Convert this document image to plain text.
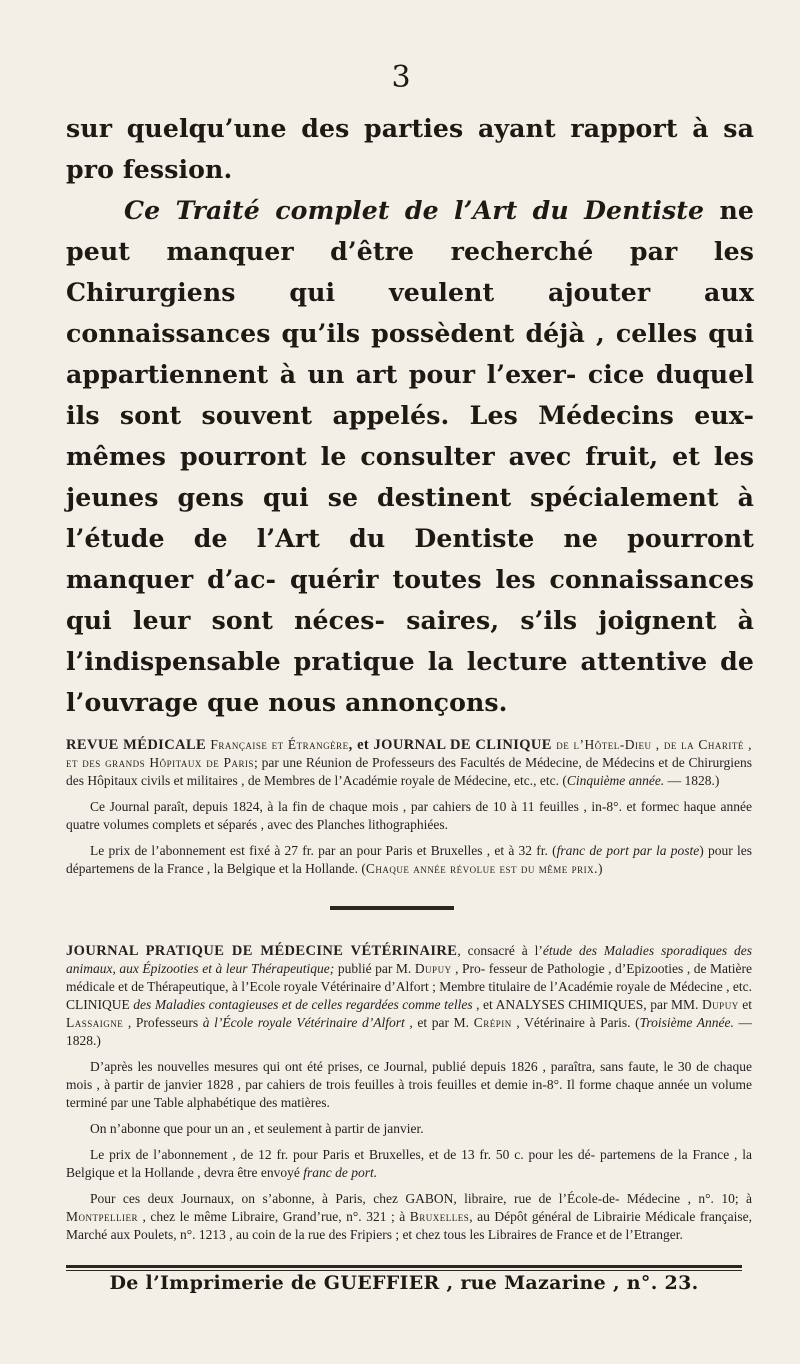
3

sur quelqu’une des parties ayant rapport à sa pro fession.

Ce Traité complet de l’Art du Dentiste ne peut manquer d’être recherché par les Chirurgiens qui veulent ajouter aux connaissances qu’ils possèdent déjà , celles qui appartiennent à un art pour l’exer- cice duquel ils sont souvent appelés. Les Médecins eux-mêmes pourront le consulter avec fruit, et les jeunes gens qui se destinent spécialement à l’étude de l’Art du Dentiste ne pourront manquer d’ac- quérir toutes les connaissances qui leur sont néces- saires, s’ils joignent à l’indispensable pratique la lecture attentive de l’ouvrage que nous annonçons.

REVUE MÉDICALE Française et Étrangère, et JOURNAL DE CLINIQUE de l’Hôtel-Dieu , de la Charité , et des grands Hôpitaux de Paris; par une Réunion de Professeurs des Facultés de Médecine, de Médecins et de Chirurgiens des Hôpitaux civils et militaires , de Membres de l’Académie royale de Médecine, etc., etc. (Cinquième année. — 1828.)

Ce Journal paraît, depuis 1824, à la fin de chaque mois , par cahiers de 10 à 11 feuilles , in-8°. et formec haque année quatre volumes complets et séparés , avec des Planches lithographiées.

Le prix de l’abonnement est fixé à 27 fr. par an pour Paris et Bruxelles , et à 32 fr. (franc de port par la poste) pour les départemens de la France , la Belgique et la Hollande. (Chaque année révolue est du même prix.)

JOURNAL PRATIQUE DE MÉDECINE VÉTÉRINAIRE, consacré à l’étude des Maladies sporadiques des animaux, aux Épizooties et à leur Thérapeutique; publié par M. Dupuy , Pro- fesseur de Pathologie , d’Epizooties , de Matière médicale et de Thérapeutique, à l’Ecole royale Vétérinaire d’Alfort ; Membre titulaire de l’Académie royale de Médecine , etc. CLINIQUE des Maladies contagieuses et de celles regardées comme telles , et ANALYSES CHIMIQUES, par MM. Dupuy et Lassaigne , Professeurs à l’École royale Vétérinaire d’Alfort , et par M. Crépin , Vétérinaire à Paris. (Troisième Année. — 1828.)

D’après les nouvelles mesures qui ont été prises, ce Journal, publié depuis 1826 , paraîtra, sans faute, le 30 de chaque mois , à partir de janvier 1828 , par cahiers de trois feuilles à trois feuilles et demie in-8°. Il forme chaque année un volume terminé par une Table alphabétique des matières.

On n’abonne que pour un an , et seulement à partir de janvier.

Le prix de l’abonnement , de 12 fr. pour Paris et Bruxelles, et de 13 fr. 50 c. pour les dé- partemens de la France , la Belgique et la Hollande , devra être envoyé franc de port.

Pour ces deux Journaux, on s’abonne, à Paris, chez GABON, libraire, rue de l’École-de- Médecine , n°. 10; à Montpellier , chez le même Libraire, Grand’rue, n°. 321 ; à Bruxelles, au Dépôt général de Librairie Médicale française, Marché aux Poulets, n°. 1213 , au coin de la rue des Fripiers ; et chez tous les Libraires de France et de l’Etranger.

De l’Imprimerie de GUEFFIER , rue Mazarine , n°. 23.
